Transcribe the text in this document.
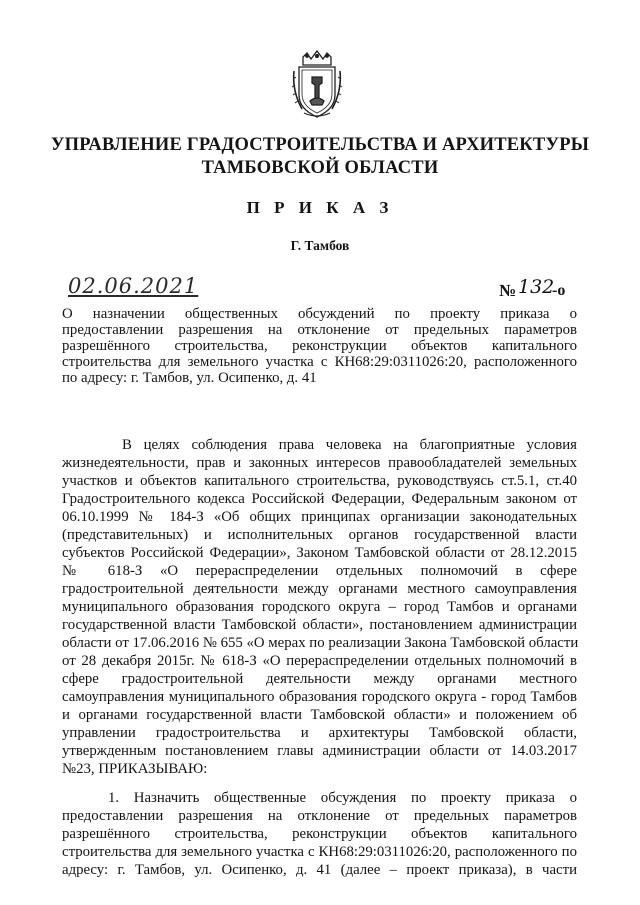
УПРАВЛЕНИЕ ГРАДОСТРОИТЕЛЬСТВА И АРХИТЕКТУРЫ
ТАМБОВСКОЙ ОБЛАСТИ
П Р И К А З
Г. Тамбов
02.06.2021	№ 132
-о
О назначении общественных обсуждений по проекту приказа о
предоставлении разрешения на отклонение от предельных параметров
разрешённого строительства, реконструкции объектов капитального
строительства для земельного участка с КН68:29:0311026:20, расположенного
по адресу: г. Тамбов, ул. Осипенко, д. 41
В целях соблюдения права человека на благоприятные условия
жизнедеятельности, прав и законных интересов правообладателей земельных
участков и объектов капитального строительства, руководствуясь ст.5.1, ст.40
Градостроительного кодекса Российской Федерации, Федеральным законом от
06.10.1999 № 184-З «Об общих принципах организации законодательных
(представительных) и исполнительных органов государственной власти
субъектов Российской Федерации», Законом Тамбовской области от 28.12.2015
№ 618-З «О перераспределении отдельных полномочий в сфере
градостроительной деятельности между органами местного самоуправления
муниципального образования городского округа – город Тамбов и органами
государственной власти Тамбовской области», постановлением администрации
области от 17.06.2016 № 655 «О мерах по реализации Закона Тамбовской области
от 28 декабря 2015г. № 618-З «О перераспределении отдельных полномочий в
сфере градостроительной деятельности между органами местного
самоуправления муниципального образования городского округа - город Тамбов
и органами государственной власти Тамбовской области» и положением об
управлении градостроительства и архитектуры Тамбовской области,
утвержденным постановлением главы администрации области от 14.03.2017
№23, ПРИКАЗЫВАЮ:
1. Назначить общественные обсуждения по проекту приказа о
предоставлении разрешения на отклонение от предельных параметров
разрешённого строительства, реконструкции объектов капитального
строительства для земельного участка с КН68:29:0311026:20, расположенного по
адресу: г. Тамбов, ул. Осипенко, д. 41 (далее – проект приказа), в части
